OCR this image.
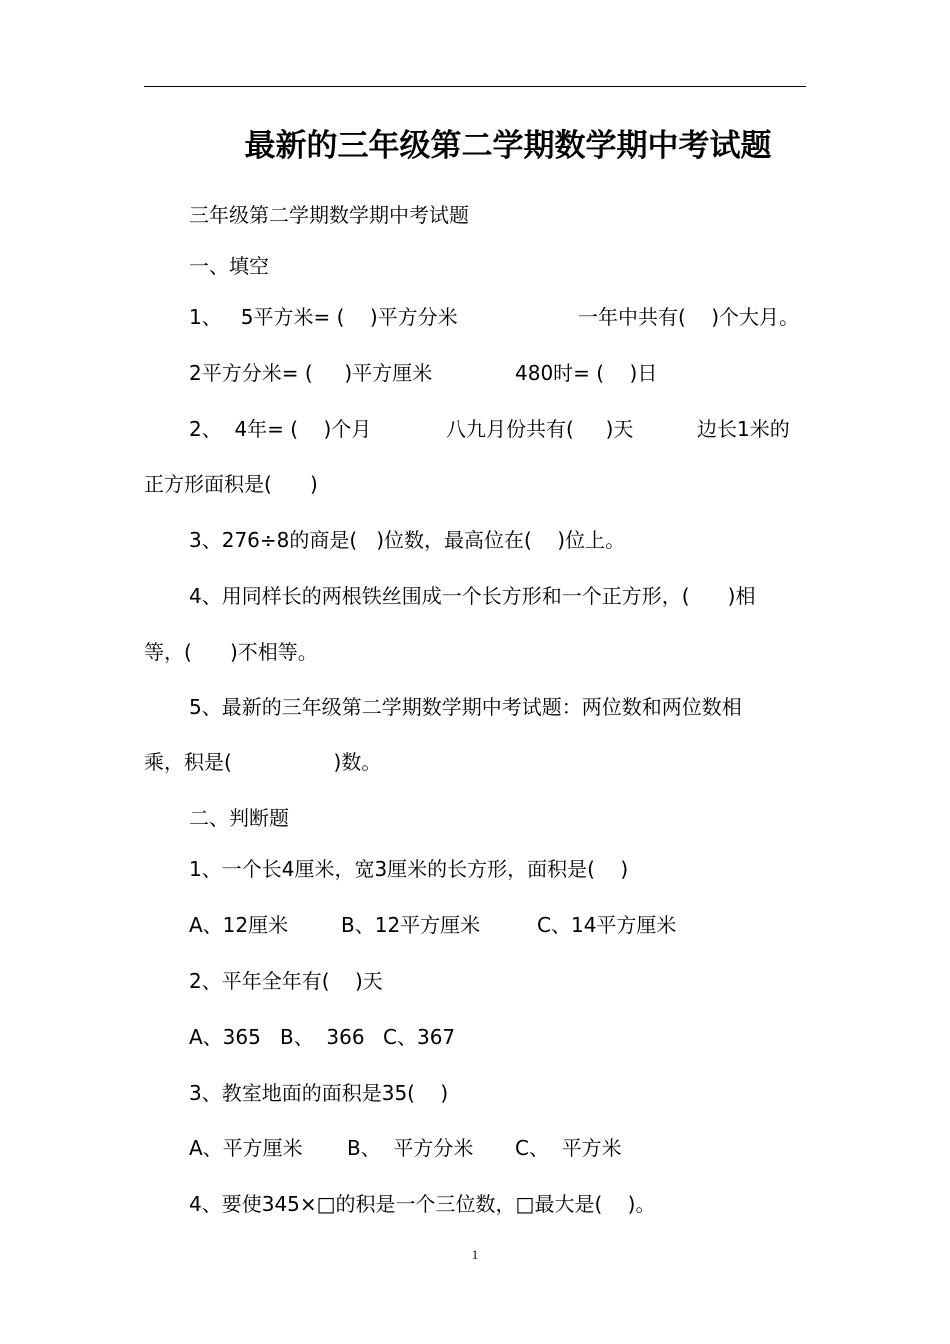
最新的三年级第二学期数学期中考试题
三年级第二学期数学期中考试题
一、填空
1、   5平方米= (    )平方分米	一年中共有(    )个大月。
2平方分米= (     )平方厘米	480时= (    )日
2、  4年= (    )个月	八九月份共有(     )天	边长1米的
正方形面积是(      )
3、276÷8的商是(   )位数，最高位在(    )位上。
4、用同样长的两根铁丝围成一个长方形和一个正方形，(      )相
等，(      )不相等。
5、最新的三年级第二学期数学期中考试题：两位数和两位数相
乘，积是(                )数。
二、判断题
1、一个长4厘米，宽3厘米的长方形，面积是(    )
A、12厘米	B、12平方厘米	C、14平方厘米
2、平年全年有(    )天
A、365 B、  366 C、367
3、教室地面的面积是35(    )
A、平方厘米	B、  平方分米	C、  平方米
4、要使345×□的积是一个三位数，□最大是(    )。
1
